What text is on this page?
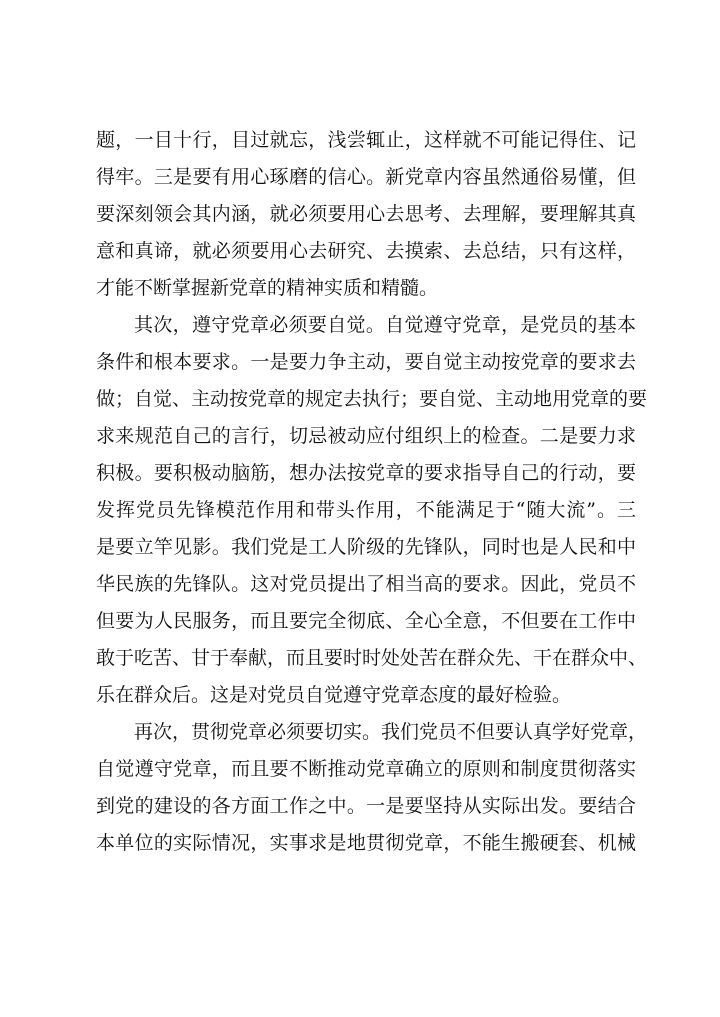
题，一目十行，目过就忘，浅尝辄止，这样就不可能记得住、记
得牢。三是要有用心琢磨的信心。新党章内容虽然通俗易懂，但
要深刻领会其内涵，就必须要用心去思考、去理解，要理解其真
意和真谛，就必须要用心去研究、去摸索、去总结，只有这样，
才能不断掌握新党章的精神实质和精髓。
其次，遵守党章必须要自觉。自觉遵守党章，是党员的基本
条件和根本要求。一是要力争主动，要自觉主动按党章的要求去
做；自觉、主动按党章的规定去执行；要自觉、主动地用党章的要
求来规范自己的言行，切忌被动应付组织上的检查。二是要力求
积极。要积极动脑筋，想办法按党章的要求指导自己的行动，要
发挥党员先锋模范作用和带头作用，不能满足于“随大流”。三
是要立竿见影。我们党是工人阶级的先锋队，同时也是人民和中
华民族的先锋队。这对党员提出了相当高的要求。因此，党员不
但要为人民服务，而且要完全彻底、全心全意，不但要在工作中
敢于吃苦、甘于奉献，而且要时时处处苦在群众先、干在群众中、
乐在群众后。这是对党员自觉遵守党章态度的最好检验。
再次，贯彻党章必须要切实。我们党员不但要认真学好党章，
自觉遵守党章，而且要不断推动党章确立的原则和制度贯彻落实
到党的建设的各方面工作之中。一是要坚持从实际出发。要结合
本单位的实际情况，实事求是地贯彻党章，不能生搬硬套、机械
